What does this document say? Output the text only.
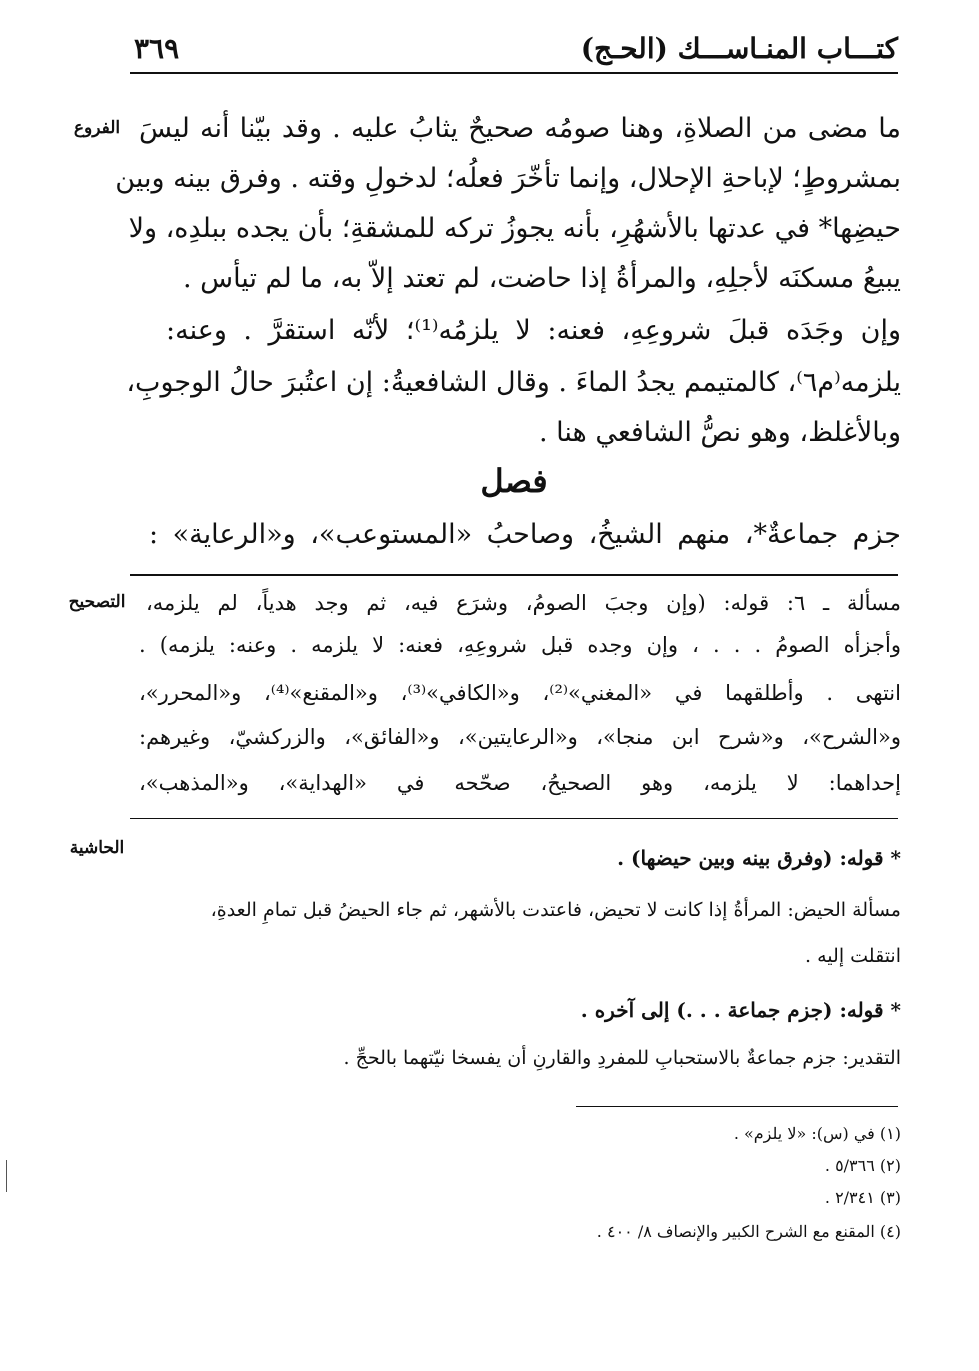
كتـــاب المنـاســـك (الحـج)
٣٦٩
الفروع
التصحيح
الحاشية
ما مضى من الصلاةِ، وهنا صومُه صحيحٌ يثابُ عليه . وقد بيّنا أنه ليسَ
بمشروطٍ؛ لإباحةِ الإحلال، وإنما تأخّرَ فعلُه؛ لدخولِ وقته . وفرق بينه وبين
حيضِها* في عدتها بالأشهُرِ، بأنه يجوزُ تركه للمشقةِ؛ بأن يجده ببلدِه، ولا
يبيعُ مسكنَه لأجلِهِ، والمرأةُ إذا حاضت، لم تعتد إلاّ به، ما لم تيأس .
وإن وجَدَه قبلَ شروعِهِ، فعنه: لا يلزمُه⁽¹⁾؛ لأنّه استقرَّ . وعنه:
يلزمه⁽م٦⁾، كالمتيمم يجدُ الماءَ . وقال الشافعيةُ: إن اعتُبرَ حالُ الوجوبِ،
وبالأغلظ، وهو نصُّ الشافعي هنا .
فصل
جزم جماعةٌ*، منهم الشيخُ، وصاحبُ «المستوعب»، و«الرعاية» :
مسألة ـ ٦: قوله: (وإن وجبَ الصومُ، وشرَع فيه، ثم وجد هدياً، لم يلزمه،
وأجزأه الصومُ . . . ، وإن وجده قبل شروعِهِ، فعنه: لا يلزمه . وعنه: يلزمه) .
انتهى . وأطلقهما في «المغني»⁽²⁾، و«الكافي»⁽³⁾، و«المقنع»⁽⁴⁾، و«المحرر»،
و«الشرح»، و«شرح ابن منجا»، و«الرعايتين»، و«الفائق»، والزركشيّ، وغيرهم:
إحداهما: لا يلزمه، وهو الصحيحُ، صحّحه في «الهداية»، و«المذهب»،
* قوله: (وفرق بينه وبين حيضها) .
مسألة الحيض: المرأةُ إذا كانت لا تحيض، فاعتدت بالأشهر، ثم جاء الحيضُ قبل تمامِ العدةِ،
انتقلت إليه .
* قوله: (جزم جماعة . . .) إلى آخره .
التقدير: جزم جماعةٌ بالاستحبابِ للمفردِ والقارنِ أن يفسخا نيّتهما بالحجِّ .
(١) في (س): «لا يلزم» .
(٢) ٥/٣٦٦ .
(٣) ٢/٣٤١ .
(٤) المقنع مع الشرح الكبير والإنصاف ٨/ ٤٠٠ .
